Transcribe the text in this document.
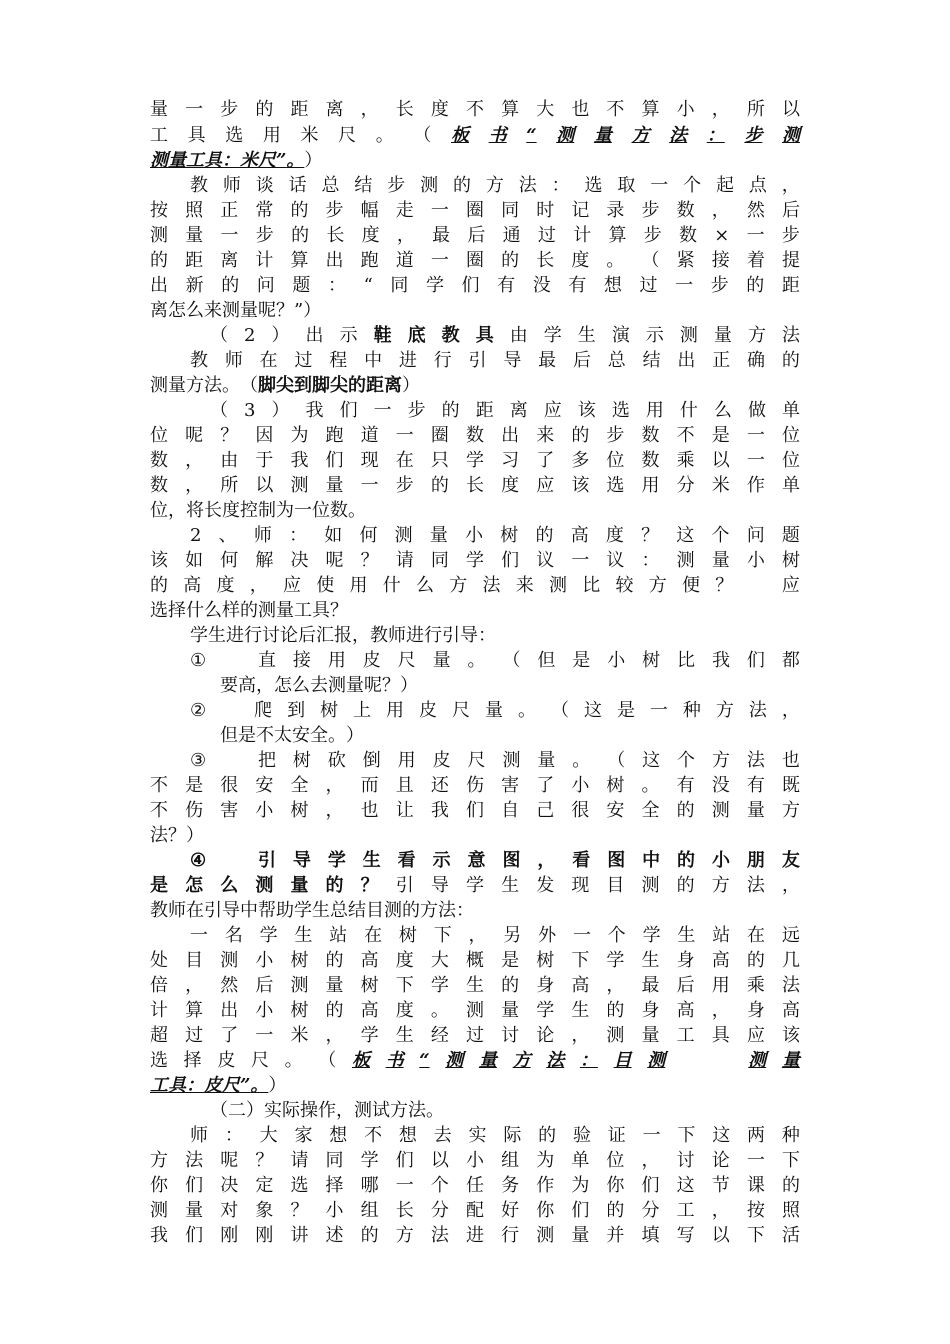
量 一 步 的 距 离 ， 长 度 不 算 大 也 不 算 小 ， 所 以
工 具 选 用 米 尺 。 （ 板 书 “ 测 量 方 法 ： 步 测
测 量 工 具 ： 米 尺 ” 。 ）
教 师 谈 话 总 结 步 测 的 方 法 ： 选 取 一 个 起 点 ，
按 照 正 常 的 步 幅 走 一 圈 同 时 记 录 步 数 ， 然 后
测 量 一 步 的 长 度 ， 最 后 通 过 计 算 步 数 × 一 步
的 距 离 计 算 出 跑 道 一 圈 的 长 度 。 （ 紧 接 着 提
出 新 的 问 题 ： “ 同 学 们 有 没 有 想 过 一 步 的 距
离 怎 么 来 测 量 呢 ？ ” ）
（ 2 ） 出 示 鞋 底 教 具 由 学 生 演 示 测 量 方 法
教 师 在 过 程 中 进 行 引 导 最 后 总 结 出 正 确 的
测 量 方 法 。 （ 脚 尖 到 脚 尖 的 距 离 ）
（ 3 ） 我 们 一 步 的 距 离 应 该 选 用 什 么 做 单
位 呢 ？ 因 为 跑 道 一 圈 数 出 来 的 步 数 不 是 一 位
数 ， 由 于 我 们 现 在 只 学 习 了 多 位 数 乘 以 一 位
数 ， 所 以 测 量 一 步 的 长 度 应 该 选 用 分 米 作 单
位 ， 将 长 度 控 制 为 一 位 数 。
2 、 师 ： 如 何 测 量 小 树 的 高 度 ？ 这 个 问 题
该 如 何 解 决 呢 ？ 请 同 学 们 议 一 议 ： 测 量 小 树
的 高 度 ， 应 使 用 什 么 方 法 来 测 比 较 方 便 ？	应
选 择 什 么 样 的 测 量 工 具 ？
学 生 进 行 讨 论 后 汇 报 ， 教 师 进 行 引 导 ：
①	直 接 用 皮 尺 量 。 （ 但 是 小 树 比 我 们 都
要 高 ， 怎 么 去 测 量 呢 ？ ）
②	爬 到 树 上 用 皮 尺 量 。 （ 这 是 一 种 方 法 ，
但 是 不 太 安 全 。 ）
③	把 树 砍 倒 用 皮 尺 测 量 。 （ 这 个 方 法 也
不 是 很 安 全 ， 而 且 还 伤 害 了 小 树 。 有 没 有 既
不 伤 害 小 树 ， 也 让 我 们 自 己 很 安 全 的 测 量 方
法 ？ ）
④	引 导 学 生 看 示 意 图 ， 看 图 中 的 小 朋 友
是 怎 么 测 量 的 ？ 引 导 学 生 发 现 目 测 的 方 法 ，
教 师 在 引 导 中 帮 助 学 生 总 结 目 测 的 方 法 ：
一 名 学 生 站 在 树 下 ， 另 外 一 个 学 生 站 在 远
处 目 测 小 树 的 高 度 大 概 是 树 下 学 生 身 高 的 几
倍 ， 然 后 测 量 树 下 学 生 的 身 高 ， 最 后 用 乘 法
计 算 出 小 树 的 高 度 。 测 量 学 生 的 身 高 ， 身 高
超 过 了 一 米 ， 学 生 经 过 讨 论 ， 测 量 工 具 应 该
选 择 皮 尺 。 （ 板 书 “ 测 量 方 法 ： 目 测	测 量
工 具 ： 皮 尺 ” 。 ）
（ 二 ） 实 际 操 作 ， 测 试 方 法 。
师 ： 大 家 想 不 想 去 实 际 的 验 证 一 下 这 两 种
方 法 呢 ？ 请 同 学 们 以 小 组 为 单 位 ， 讨 论 一 下
你 们 决 定 选 择 哪 一 个 任 务 作 为 你 们 这 节 课 的
测 量 对 象 ？ 小 组 长 分 配 好 你 们 的 分 工 ， 按 照
我 们 刚 刚 讲 述 的 方 法 进 行 测 量 并 填 写 以 下 活
